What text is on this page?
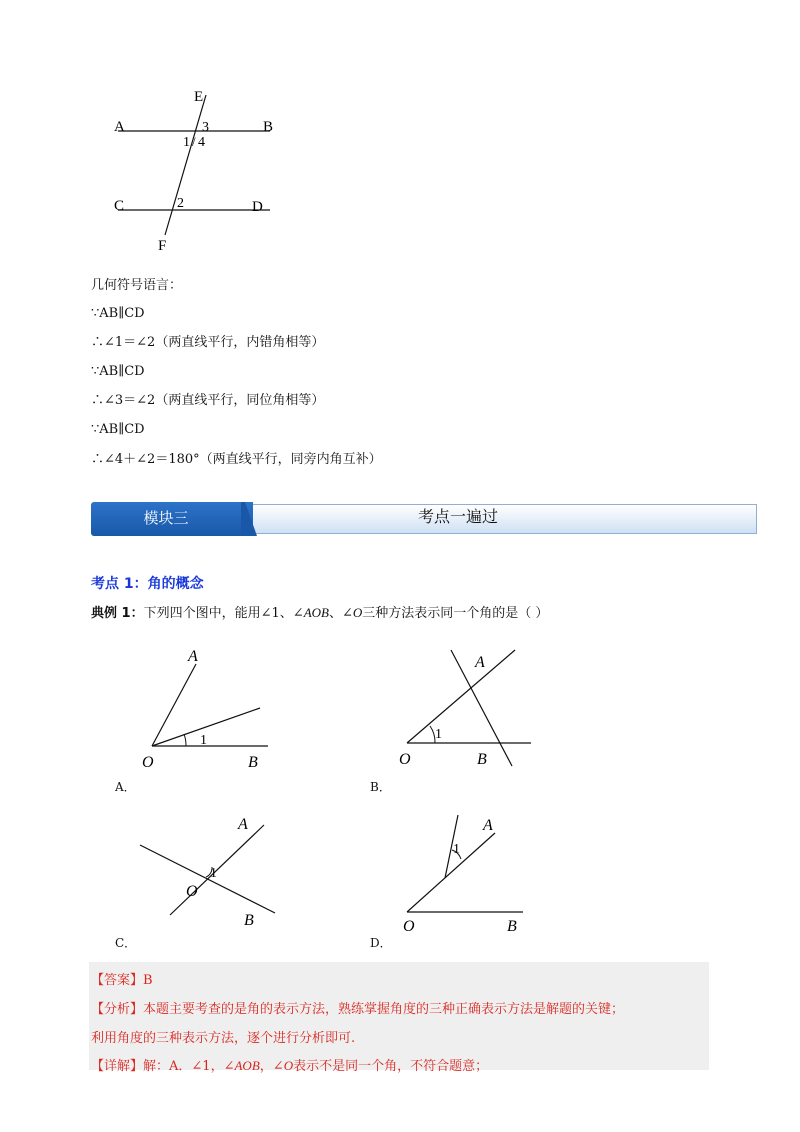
E
A	B
C	D
F
3
1 4
2
/
几何符号语言：
∵AB∥CD
∴∠1＝∠2（两直线平行，内错角相等）
∵AB∥CD
∴∠3＝∠2（两直线平行，同位角相等）
∵AB∥CD
∴∠4＋∠2＝180°（两直线平行，同旁内角互补）
考点一遍过
模块三
考点 1：角的概念
典例 1：下列四个图中，能用∠1、∠AOB、∠O三种方法表示同一个角的是（ ）
A
O	B
1
A．
A
O	B
1
B．
A
O
B
1
C．
A
O	B
1
D．
【答案】B
【分析】本题主要考查的是角的表示方法，熟练掌握角度的三种正确表示方法是解题的关键；
利用角度的三种表示方法，逐个进行分析即可.
【详解】解：A．∠1，∠AOB，∠O表示不是同一个角，不符合题意；
